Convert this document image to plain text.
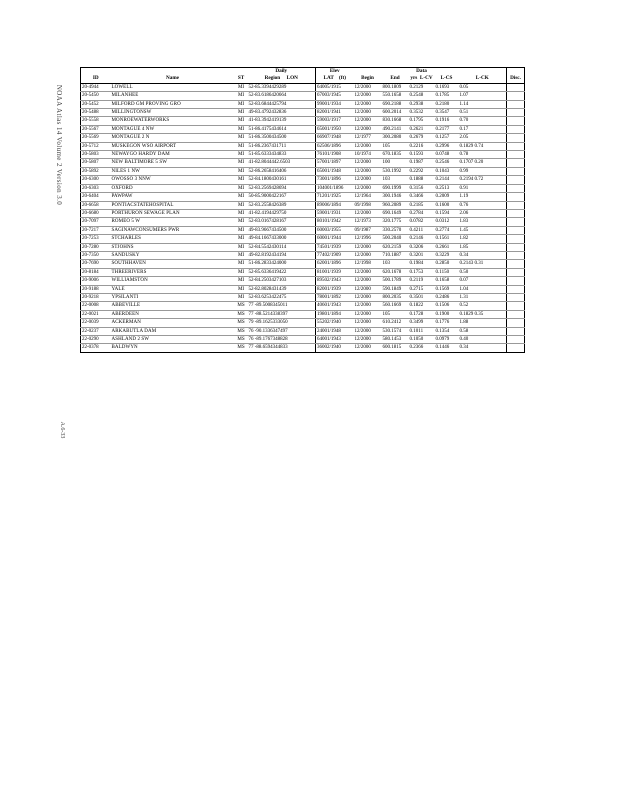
NOAA Atlas 14 Volume 2 Version 3.0
A.6-33
			Daily	Elev			Data			
ID	Name	ST	Region LON	LAT (ft)	Begin	End	yrs L-CV	L-CS	L-CK	Disc.
20-4944	LOWELL	MI	52-85.3394429289	64005/1915	12/2000	800.1809	0.2129	0.1693	0.05	
20-5450	MILANHEE	MI	52-83.6186420664	67003/1945	12/2000	550.1658	0.2548	0.1785	1.07	
20-5452	MILFORD GM PROVING GRO	MI	52-83.6844425794	99001/1934	12/2000	690.2188	0.2938	0.2180	1.14	
20-5488	MILLINGTONSW	MI	49-83.4792432836	82001/1941	12/2000	600.2014	0.3532	0.3547	0.51	
20-5558	MONROEWATERWORKS	MI	41-83.3942419139	59003/1917	12/2000	830.1668	0.1795	0.1916	0.70	
20-5567	MONTAGUE 4 NW	MI	51-86.4175434614	65001/1950	12/2000	490.2141	0.2621	0.2177	0.17	
20-5569	MONTAGUE 2 N	MI	51-86.3500434500	66907/1948	12/1977	300.2080	0.2679	0.1257	2.05	
20-5712	MUSKEGON WSO AIRPORT	MI	51-86.2367431711	62506/1896	12/2000	105	0.2216	0.2996	0.1829 0.74	
20-5803	NEWAYGO HARDY DAM	MI	51-85.6333434833	76101/1908	10/1974	670.1835	0.1593	0.0748	0.78	
20-5807	NEW BALTIMORE 5 SW	MI	41-82.8044442.6503	57001/1897	12/2000	100	0.1987	0.2546	0.1707 0.20	
20-5892	NILES 1 NW	MI	52-86.2658416406	65001/1948	12/2000	530.1992	0.2292	0.1043	0.99	
20-6300	OWOSSO 3 NNW	MI	52-84.1800430161	73001/1896	12/2000	103	0.1888	0.2144	0.2194 0.72	
20-6303	OXFORD	MI	52-83.2569428694	104001/1896	12/2000	690.1999	0.3156	0.2513	0.91	
20-6404	PAWPAW	MI	50-85.9000422167	71201/1925	12/1964	300.1946	0.3466	0.2009	1.19	
20-6658	PONTIACSTATEHOSPITAL	MI	52-83.2558426389	89006/1894	09/1998	960.2089	0.2185	0.1600	0.76	
20-6680	PORTHURON SEWAGE PLAN	MI	41-82.4194429750	59001/1931	12/2000	690.1649	0.2784	0.1594	2.06	
20-7097	ROMEO 5 W	MI	52-83.0167428167	80101/1942	12/1973	320.1775	0.0782	0.0312	1.83	
20-7217	SAGINAWCONSUMERS PWR	MI	49-83.9667434500	60003/1955	09/1987	330.2570	0.4211	0.2774	1.45	
20-7253	STCHARLES	MI	49-84.1667433000	60001/1944	12/1996	500.2040	0.2146	0.1561	1.82	
20-7280	STJOHNS	MI	52-84.5542430114	74501/1939	12/2000	620.2159	0.3206	0.2661	1.85	
20-7350	SANDUSKY	MI	49-82.8192434194	77402/1909	12/2000	710.1887	0.3201	0.3229	0.34	
20-7690	SOUTHHAVEN	MI	51-86.2833424000	62001/1896	12/1998	103	0.1984	0.2850	0.2143 0.31	
20-8184	THREERIVERS	MI	52-85.6336419422	81001/1939	12/2000	620.1678	0.1753	0.1150	0.50	
20-9006	WILLIAMSTON	MI	52-84.2503427103	89502/1943	12/2000	500.1789	0.2119	0.1658	0.07	
20-9188	YALE	MI	52-82.8028431439	82001/1939	12/2000	590.1849	0.2715	0.1569	1.04	
20-9218	YPSILANTI	MI	52-83.6253422475	78001/1892	12/2000	800.2035	0.3501	0.2486	1.31	
22-0008	ABBEVILLE	MS	77 -89.5008345011	40601/1943	12/2000	560.1669	0.1822	0.1506	0.52	
22-0021	ABERDEEN	MS	77 -88.5214338397	19801/1894	12/2000	105	0.1728	0.1900	0.1829 0.35	
22-0039	ACKERMAN	MS	79 -89.1625333050	55202/1940	12/2000	610.2412	0.3499	0.1776	1.88	
22-0237	ARKABUTLA DAM	MS	76 -90.1336347497	24001/1948	12/2000	530.1574	0.1011	0.1354	0.58	
22-0290	ASHLAND 2 SW	MS	76 -89.1767348828	64001/1943	12/2000	580.1453	0.1050	0.0979	0.40	
22-0378	BALDWYN	MS	77 -88.6594344833	36002/1940	12/2000	600.1815	0.2366	0.1446	0.34	
